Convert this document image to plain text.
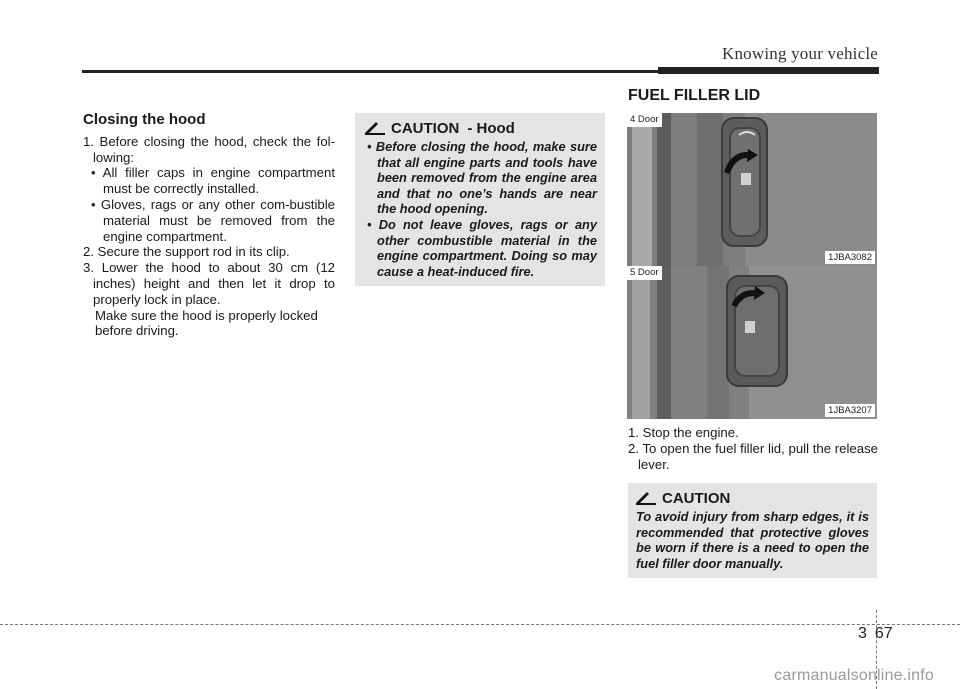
Knowing your vehicle
Closing the hood

1. Before closing the hood, check the fol-lowing:

• All filler caps in engine compartment must be correctly installed.

• Gloves, rags or any other com-bustible material must be removed from the engine compartment.

2. Secure the support rod in its clip.

3. Lower the hood to about 30 cm (12 inches) height and then let it drop to properly lock in place.

Make sure the hood is properly locked before driving.

CAUTION - Hood

• Before closing the hood, make sure that all engine parts and tools have been removed from the engine area and that no one’s hands are near the hood opening.

• Do not leave gloves, rags or any other combustible material in the engine compartment. Doing so may cause a heat-induced fire.

FUEL FILLER LID
4 Door
1JBA3082
5 Door
1JBA3207

1. Stop the engine.

2. To open the fuel filler lid, pull the release lever.

CAUTION

To avoid injury from sharp edges, it is recommended that protective gloves be worn if there is a need to open the fuel filler door manually.

3 67
carmanualsonline.info
